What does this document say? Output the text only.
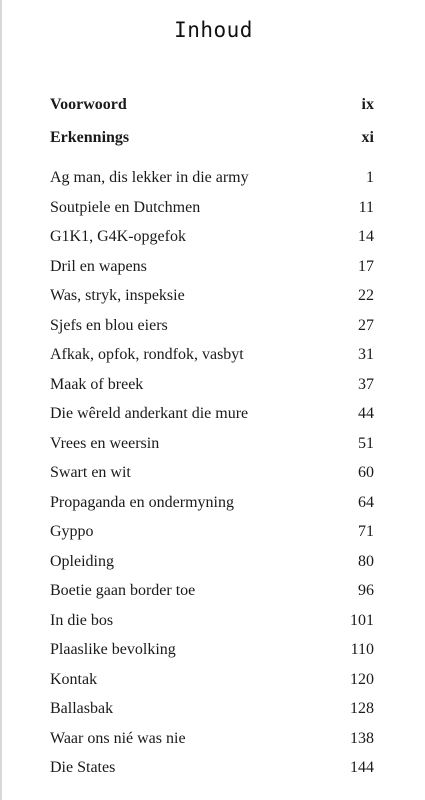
Inhoud
Voorwoord	ix
Erkennings	xi
Ag man, dis lekker in die army	1
Soutpiele en Dutchmen	11
G1K1, G4K-opgefok	14
Dril en wapens	17
Was, stryk, inspeksie	22
Sjefs en blou eiers	27
Afkak, opfok, rondfok, vasbyt	31
Maak of breek	37
Die wêreld anderkant die mure	44
Vrees en weersin	51
Swart en wit	60
Propaganda en ondermyning	64
Gyppo	71
Opleiding	80
Boetie gaan border toe	96
In die bos	101
Plaaslike bevolking	110
Kontak	120
Ballasbak	128
Waar ons nié was nie	138
Die States	144
